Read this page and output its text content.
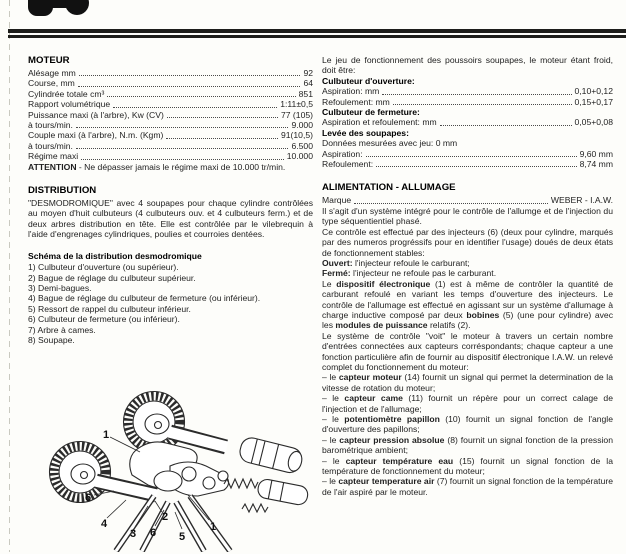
MOTEUR
Alésage mm	92
Course, mm	64
Cylindrée totale cm³	851
Rapport volumétrique	1:11±0,5
Puissance maxi (à l'arbre), Kw (CV)	77 (105)
à tours/min.	9.000
Couple maxi (à l'arbre), N.m. (Kgm)	91(10,5)
à tours/min.	6.500
Régime maxi	10.000

ATTENTION - Ne dépasser jamais le régime maxi de 10.000 tr/min.

DISTRIBUTION

"DESMODROMIQUE" avec 4 soupapes pour chaque cylindre contrôlées au moyen d'huit culbuteurs (4 culbuteurs ouv. et 4 culbuteurs ferm.) et de deux arbres distribution en tête. Elle est contrôlée par le vilebrequin à l'aide d'engrenages cylindriques, poulies et courroies dentées.

Schéma de la distribution desmodromique
1) Culbuteur d'ouverture (ou supérieur).
2) Bague de réglage du culbuteur supérieur.
3) Demi-bagues.
4) Bague de réglage du culbuteur de fermeture (ou inférieur).
5) Ressort de rappel du culbuteur inférieur.
6) Culbuteur de fermeture (ou inférieur).
7) Arbre à cames.
8) Soupape.

Le jeu de fonctionnement des poussoirs soupapes, le moteur étant froid, doit être:

Culbuteur d'ouverture:
Aspiration: mm	0,10+0,12
Refoulement: mm	0,15+0,17
Culbuteur de fermeture:
Aspiration et refoulement: mm	0,05+0,08
Levée des soupapes:

Données mesurées avec jeu: 0 mm

Aspiration:	9,60 mm
Refoulement:	8,74 mm
ALIMENTATION - ALLUMAGE
Marque	WEBER - I.A.W.

Il s'agit d'un système intégré pour le contrôle de l'allumge et de l'injection du type séquentientiel phasé.

Ce contrôle est effectué par des injecteurs (6) (deux pour cylindre, marqués par des numeros progréssifs pour en identifier l'usage) doués de deux états de fonctionnement stables:

Ouvert: l'injecteur refoule le carburant;

Fermé: l'injecteur ne refoule pas le carburant.

Le dispositif électronique (1) est à même de contrôler la quantité de carburant refoulé en variant les temps d'ouverture des injecteurs. Le contrôle de l'allumage est effectué en agissant sur un système d'allumage à charge inductive composé par deux bobines (5) (une pour cylindre) avec les modules de puissance relatifs (2).

Le système de contrôle "voit" le moteur à travers un certain nombre d'entrées connectées aux capteurs corréspondants; chaque capteur a une fonction particulière afin de fournir au dispositif électronique I.A.W. un relevé complet du fonctionnement du moteur:

– le capteur moteur (14) fournit un signal qui permet la determination de la vitesse de rotation du moteur;

– le capteur came (11) fournit un répère pour un correct calage de l'injection et de l'allumage;

– le potentiomètre papillon (10) fournit un signal fonction de l'angle d'ouverture des papillons;

– le capteur pression absolue (8) fournit un signal fonction de la pression barométrique ambient;

– le capteur température eau (15) fournit un signal fonction de la température de fonctionnement du moteur;

– le capteur temperature air (7) fournit un signal fonction de la température de l'air aspiré par le moteur.

1
6
4
3
2
6 5
1
